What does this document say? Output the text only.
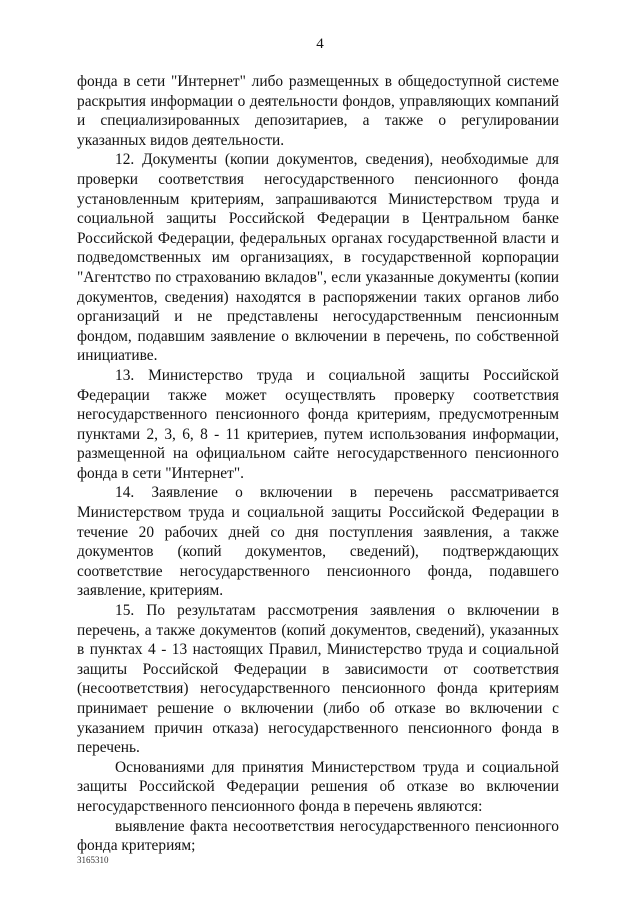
4

фонда в сети "Интернет" либо размещенных в общедоступной системе раскрытия информации о деятельности фондов, управляющих компаний и специализированных депозитариев, а также о регулировании указанных видов деятельности.

12. Документы (копии документов, сведения), необходимые для проверки соответствия негосударственного пенсионного фонда установленным критериям, запрашиваются Министерством труда и социальной защиты Российской Федерации в Центральном банке Российской Федерации, федеральных органах государственной власти и подведомственных им организациях, в государственной корпорации "Агентство по страхованию вкладов", если указанные документы (копии документов, сведения) находятся в распоряжении таких органов либо организаций и не представлены негосударственным пенсионным фондом, подавшим заявление о включении в перечень, по собственной инициативе.

13. Министерство труда и социальной защиты Российской Федерации также может осуществлять проверку соответствия негосударственного пенсионного фонда критериям, предусмотренным пунктами 2, 3, 6, 8 - 11 критериев, путем использования информации, размещенной на официальном сайте негосударственного пенсионного фонда в сети "Интернет".

14. Заявление о включении в перечень рассматривается Министерством труда и социальной защиты Российской Федерации в течение 20 рабочих дней со дня поступления заявления, а также документов (копий документов, сведений), подтверждающих соответствие негосударственного пенсионного фонда, подавшего заявление, критериям.

15. По результатам рассмотрения заявления о включении в перечень, а также документов (копий документов, сведений), указанных в пунктах 4 - 13 настоящих Правил, Министерство труда и социальной защиты Российской Федерации в зависимости от соответствия (несоответствия) негосударственного пенсионного фонда критериям принимает решение о включении (либо об отказе во включении с указанием причин отказа) негосударственного пенсионного фонда в перечень.

Основаниями для принятия Министерством труда и социальной защиты Российской Федерации решения об отказе во включении негосударственного пенсионного фонда в перечень являются:

выявление факта несоответствия негосударственного пенсионного фонда критериям;

3165310
